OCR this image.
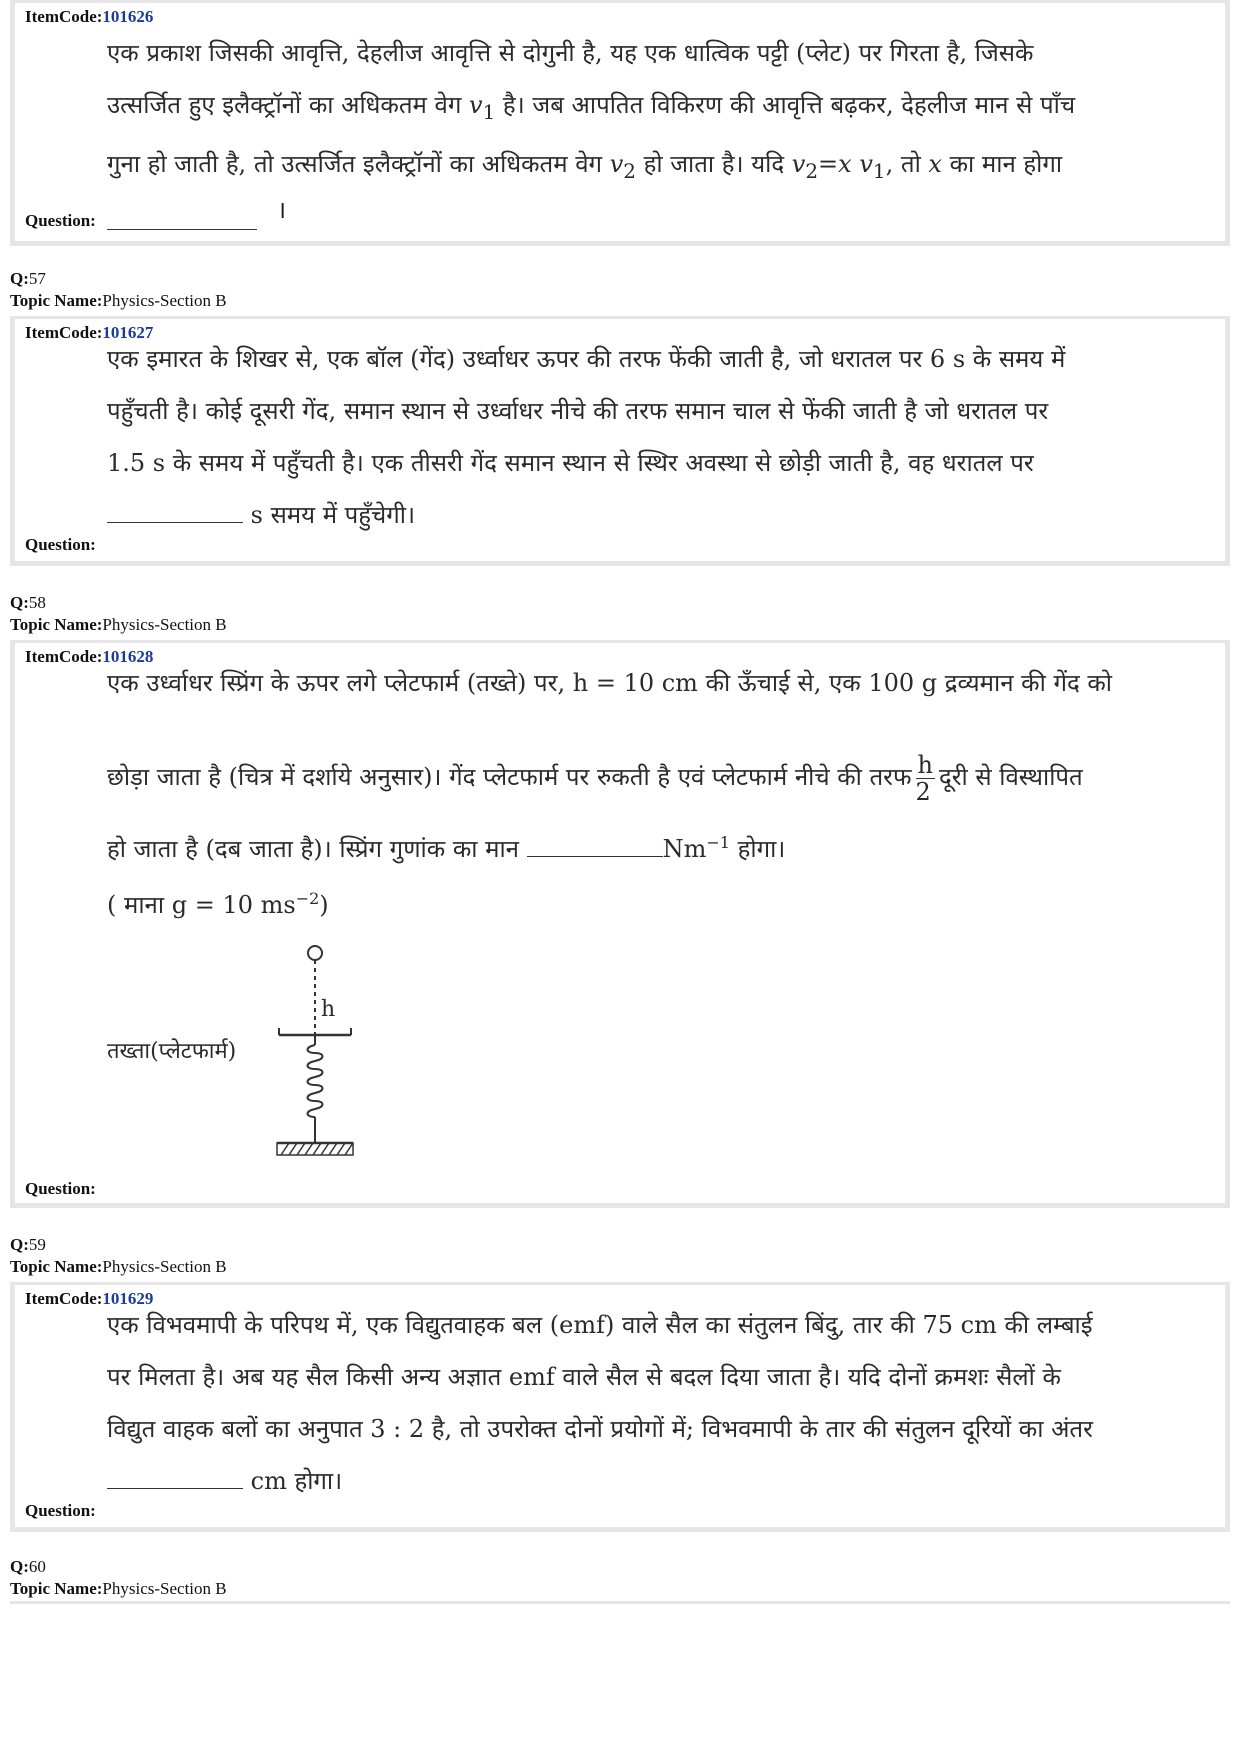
ItemCode:101626
एक प्रकाश जिसकी आवृत्ति, देहलीज आवृत्ति से दोगुनी है, यह एक धात्विक पट्टी (प्लेट) पर गिरता है, जिसके
उत्सर्जित हुए इलैक्ट्रॉनों का अधिकतम वेग $v_1$ है। जब आपतित विकिरण की आवृत्ति बढ़कर, देहलीज मान से पाँच
गुना हो जाती है, तो उत्सर्जित इलैक्ट्रॉनों का अधिकतम वेग $v_2$ हो जाता है। यदि $v_2=x$ $v_1$, तो x का मान होगा
Question:	।
Q:57
Topic Name:Physics-Section B
ItemCode:101627
एक इमारत के शिखर से, एक बॉल (गेंद) उर्ध्वाधर ऊपर की तरफ फेंकी जाती है, जो धरातल पर 6 s के समय में
पहुँचती है। कोई दूसरी गेंद, समान स्थान से उर्ध्वाधर नीचे की तरफ समान चाल से फेंकी जाती है जो धरातल पर
1.5 s के समय में पहुँचती है। एक तीसरी गेंद समान स्थान से स्थिर अवस्था से छोड़ी जाती है, वह धरातल पर
s समय में पहुँचेगी।
Question:
Q:58
Topic Name:Physics-Section B
ItemCode:101628
एक उर्ध्वाधर स्प्रिंग के ऊपर लगे प्लेटफार्म (तख्ते) पर, h = 10 cm की ऊँचाई से, एक 100 g द्रव्यमान की गेंद को
छोड़ा जाता है (चित्र में दर्शाये अनुसार)। गेंद प्लेटफार्म पर रुकती है एवं प्लेटफार्म नीचे की तरफ $\frac{h}{2}$ दूरी से विस्थापित
हो जाता है (दब जाता है)। स्प्रिंग गुणांक का मान	$Nm^{-1}$ होगा।
( माना g = 10 $ms^{-2}$)
h
तख्ता(प्लेटफार्म)
Question:
Q:59
Topic Name:Physics-Section B
ItemCode:101629
एक विभवमापी के परिपथ में, एक विद्युतवाहक बल (emf) वाले सैल का संतुलन बिंदु, तार की 75 cm की लम्बाई
पर मिलता है। अब यह सैल किसी अन्य अज्ञात emf वाले सैल से बदल दिया जाता है। यदि दोनों क्रमशः सैलों के
विद्युत वाहक बलों का अनुपात 3 : 2 है, तो उपरोक्त दोनों प्रयोगों में; विभवमापी के तार की संतुलन दूरियों का अंतर
cm होगा।
Question:
Q:60
Topic Name:Physics-Section B
